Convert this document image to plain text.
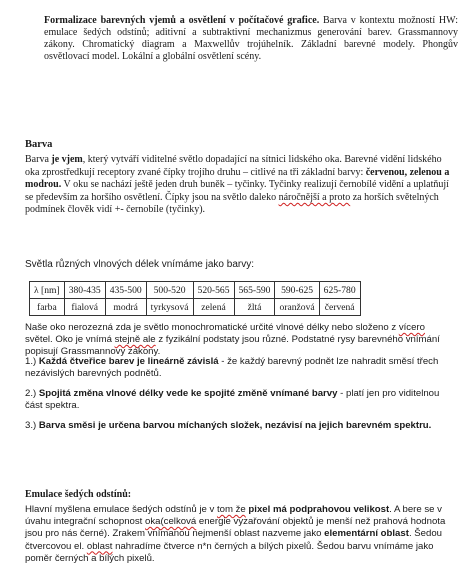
Formalizace barevných vjemů a osvětlení v počítačové grafice. Barva v kontextu možností HW: emulace šedých odstínů; aditivní a subtraktivní mechanizmus generování barev. Grassmannovy zákony. Chromatický diagram a Maxwellův trojúhelník. Základní barevné modely. Phongův osvětlovací model. Lokální a globální osvětlení scény.
Barva
Barva je vjem, který vytváří viditelné světlo dopadající na sítnici lidského oka. Barevné vidění lidského oka zprostředkují receptory zvané čípky trojího druhu – citlivé na tři základní barvy: červenou, zelenou a modrou. V oku se nachází ještě jeden druh buněk – tyčinky. Tyčinky realizují černobílé vidění a uplatňují se především za horšího osvětlení. Čípky jsou na světlo daleko náročnější a proto za horších světelných podmínek člověk vidí +- černobíle (tyčinky).
Světla různých vlnových délek vnímáme jako barvy:
λ [nm]	380-435	435-500	500-520	520-565	565-590	590-625	625-780
farba	fialová	modrá	tyrkysová	zelená	žltá	oranžová	červená
Naše oko nerozezná zda je světlo monochromatické určité vlnové délky nebo složeno z vícero světel. Oko je vnímá stejně ale z fyzikální podstaty jsou různé. Podstatné rysy barevného vnímání popisují Grassmannovy zákony.

1.) Každá čtveřice barev je lineárně závislá - že každý barevný podnět lze nahradit směsí třech nezávislých barevných podnětů.

2.) Spojitá změna vlnové délky vede ke spojité změně vnímané barvy - platí jen pro viditelnou část spektra.

3.) Barva směsi je určena barvou míchaných složek, nezávisí na jejich barevném spektru.

Emulace šedých odstínů:
Hlavní myšlena emulace šedých odstínů je v tom že pixel má podprahovou velikost. A bere se v úvahu integrační schopnost oka(celková energie vyzařování objektů je menší než prahová hodnota jsou pro nás černé). Zrakem vnímanou nejmenší oblast nazveme jako elementární oblast. Šedou čtvercovou el. oblast nahradíme čtverce n*n černých a bílých pixelů. Šedou barvu vnímáme jako poměr černých a bílých pixelů.
